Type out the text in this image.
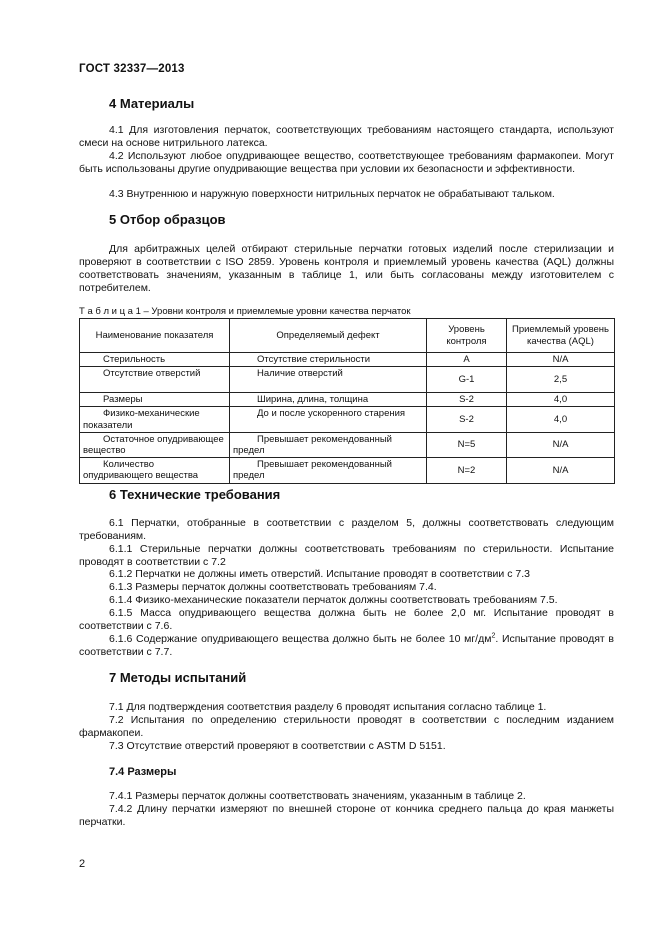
ГОСТ 32337—2013
4 Материалы

4.1 Для изготовления перчаток, соответствующих требованиям настоящего стандарта, используют смеси на основе нитрильного латекса.

4.2 Используют любое опудривающее вещество, соответствующее требованиям фармакопеи. Могут быть использованы другие опудривающие вещества при условии их безопасности и эффективности.

4.3 Внутреннюю и наружную поверхности нитрильных перчаток не обрабатывают тальком.

5 Отбор образцов

Для арбитражных целей отбирают стерильные перчатки готовых изделий после стерилизации и проверяют в соответствии с ISO 2859. Уровень контроля и приемлемый уровень качества (AQL) должны соответствовать значениям, указанным в таблице 1, или быть согласованы между изготовителем с потребителем.

Т а б л и ц а 1 – Уровни контроля и приемлемые уровни качества перчаток
Наименование показателя	Определяемый дефект	Уровень контроля	Приемлемый уровень качества (AQL)
Стерильность	Отсутствие стерильности	A	N/A
Отсутствие отверстий	Наличие отверстий	G-1	2,5
Размеры	Ширина, длина, толщина	S-2	4,0
Физико-механические показатели	До и после ускоренного старения	S-2	4,0
Остаточное опудривающее вещество	Превышает рекомендованный предел	N=5	N/A
Количество опудривающего вещества	Превышает рекомендованный предел	N=2	N/A
6 Технические требования

6.1 Перчатки, отобранные в соответствии с разделом 5, должны соответствовать следующим требованиям.

6.1.1 Стерильные перчатки должны соответствовать требованиям по стерильности. Испытание проводят в соответствии с 7.2

6.1.2 Перчатки не должны иметь отверстий. Испытание проводят в соответствии с 7.3

6.1.3 Размеры перчаток должны соответствовать требованиям 7.4.

6.1.4 Физико-механические показатели перчаток должны соответствовать требованиям 7.5.

6.1.5 Масса опудривающего вещества должна быть не более 2,0 мг. Испытание проводят в соответствии с 7.6.

6.1.6 Содержание опудривающего вещества должно быть не более 10 $мг/дм^2$. Испытание проводят в соответствии с 7.7.

7 Методы испытаний

7.1 Для подтверждения соответствия разделу 6 проводят испытания согласно таблице 1.

7.2 Испытания по определению стерильности проводят в соответствии с последним изданием фармакопеи.

7.3 Отсутствие отверстий проверяют в соответствии с ASTM D 5151.

7.4 Размеры

7.4.1 Размеры перчаток должны соответствовать значениям, указанным в таблице 2.

7.4.2 Длину перчатки измеряют по внешней стороне от кончика среднего пальца до края манжеты перчатки.

2
